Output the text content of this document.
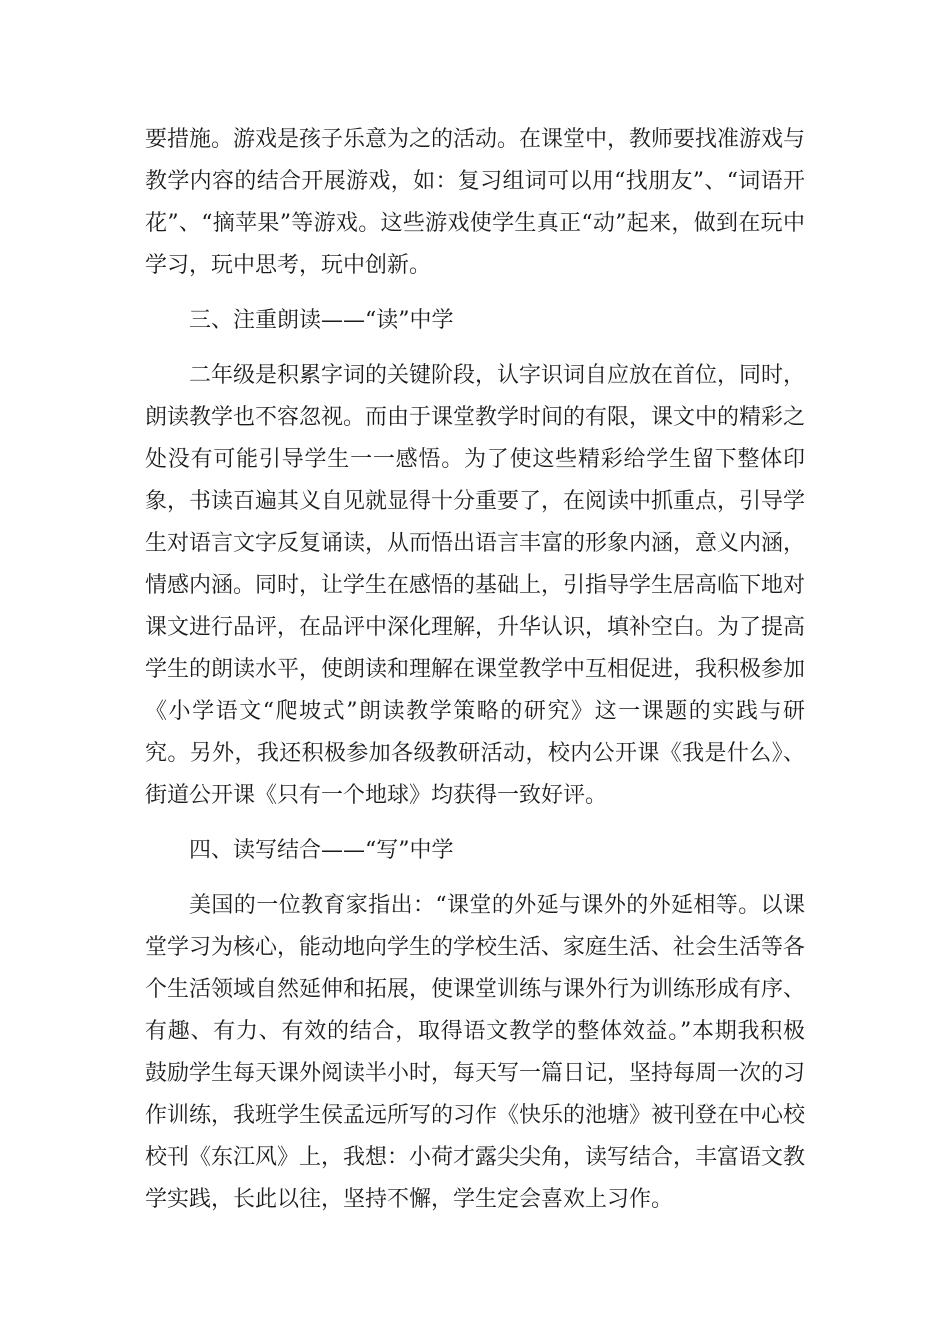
要措施。游戏是孩子乐意为之的活动。在课堂中，教师要找准游戏与教学内容的结合开展游戏，如：复习组词可以用“找朋友”、“词语开花”、“摘苹果”等游戏。这些游戏使学生真正“动”起来，做到在玩中学习，玩中思考，玩中创新。

三、注重朗读——“读”中学

二年级是积累字词的关键阶段，认字识词自应放在首位，同时，朗读教学也不容忽视。而由于课堂教学时间的有限，课文中的精彩之处没有可能引导学生一一感悟。为了使这些精彩给学生留下整体印象，书读百遍其义自见就显得十分重要了，在阅读中抓重点，引导学生对语言文字反复诵读，从而悟出语言丰富的形象内涵，意义内涵，情感内涵。同时，让学生在感悟的基础上，引指导学生居高临下地对课文进行品评，在品评中深化理解，升华认识，填补空白。为了提高学生的朗读水平，使朗读和理解在课堂教学中互相促进，我积极参加《小学语文“爬坡式”朗读教学策略的研究》这一课题的实践与研究。另外，我还积极参加各级教研活动，校内公开课《我是什么》、街道公开课《只有一个地球》均获得一致好评。

四、读写结合——“写”中学

美国的一位教育家指出：“课堂的外延与课外的外延相等。以课堂学习为核心，能动地向学生的学校生活、家庭生活、社会生活等各个生活领域自然延伸和拓展，使课堂训练与课外行为训练形成有序、有趣、有力、有效的结合，取得语文教学的整体效益。”本期我积极鼓励学生每天课外阅读半小时，每天写一篇日记，坚持每周一次的习作训练，我班学生侯孟远所写的习作《快乐的池塘》被刊登在中心校校刊《东江风》上，我想：小荷才露尖尖角，读写结合，丰富语文教学实践，长此以往，坚持不懈，学生定会喜欢上习作。
